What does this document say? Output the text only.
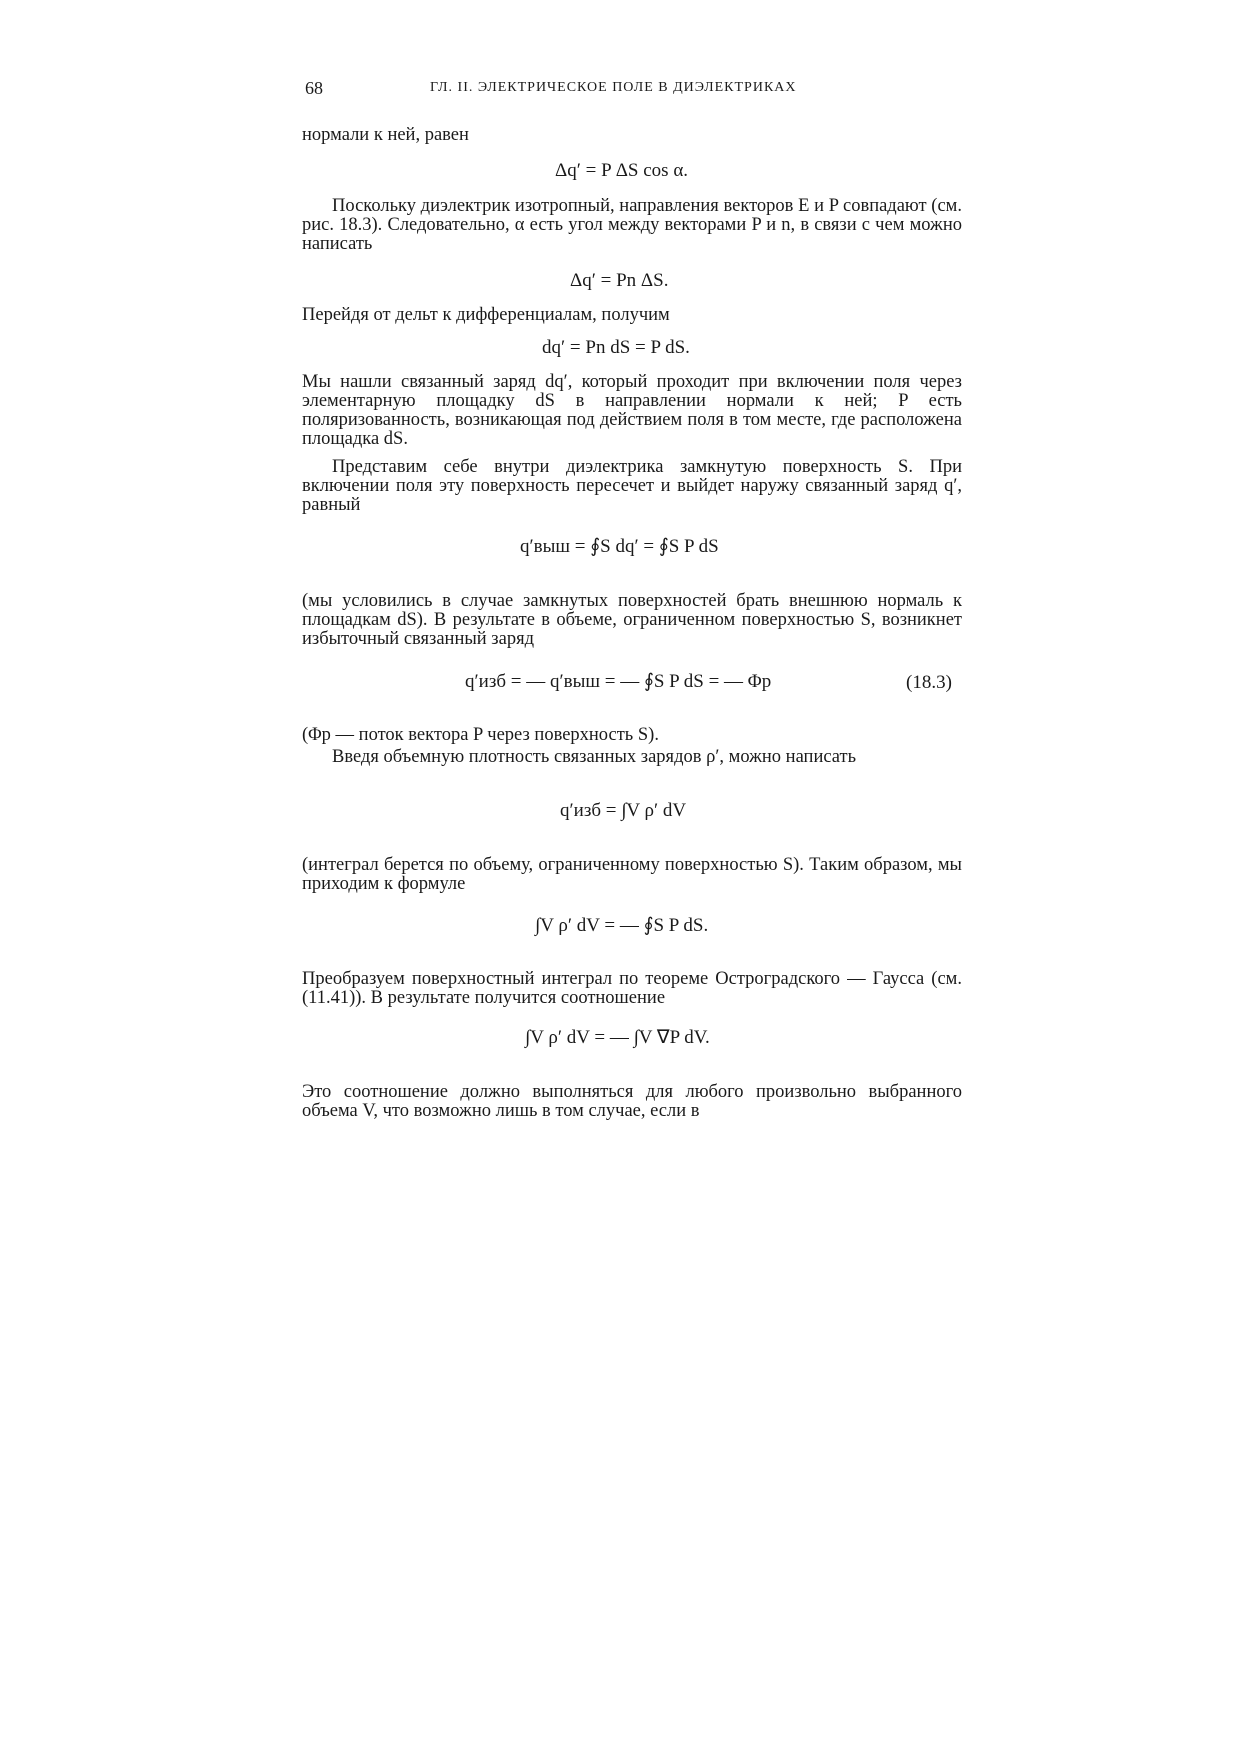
68	ГЛ. II. ЭЛЕКТРИЧЕСКОЕ ПОЛЕ В ДИЭЛЕКТРИКАХ
нормали к ней, равен
Δq′ = P ΔS cos α.
Поскольку диэлектрик изотропный, направления векторов E и P совпадают (см. рис. 18.3). Следовательно, α есть угол между векторами P и n, в связи с чем можно написать
Δq′ = Pn ΔS.
Перейдя от дельт к дифференциалам, получим
dq′ = Pn dS = P dS.
Мы нашли связанный заряд dq′, который проходит при включении поля через элементарную площадку dS в направлении нормали к ней; P есть поляризованность, возникающая под действием поля в том месте, где расположена площадка dS.
Представим себе внутри диэлектрика замкнутую поверхность S. При включении поля эту поверхность пересечет и выйдет наружу связанный заряд q′, равный
q′выш = ∮S dq′ = ∮S P dS
(мы условились в случае замкнутых поверхностей брать внешнюю нормаль к площадкам dS). В результате в объеме, ограниченном поверхностью S, возникнет избыточный связанный заряд
q′изб = — q′выш = — ∮S P dS = — Φp	(18.3)
(Φp — поток вектора P через поверхность S).
Введя объемную плотность связанных зарядов ρ′, можно написать
q′изб = ∫V ρ′ dV
(интеграл берется по объему, ограниченному поверхностью S). Таким образом, мы приходим к формуле
∫V ρ′ dV = — ∮S P dS.
Преобразуем поверхностный интеграл по теореме Остроградского — Гаусса (см. (11.41)). В результате получится соотношение
∫V ρ′ dV = — ∫V ∇P dV.
Это соотношение должно выполняться для любого произвольно выбранного объема V, что возможно лишь в том случае, если в
